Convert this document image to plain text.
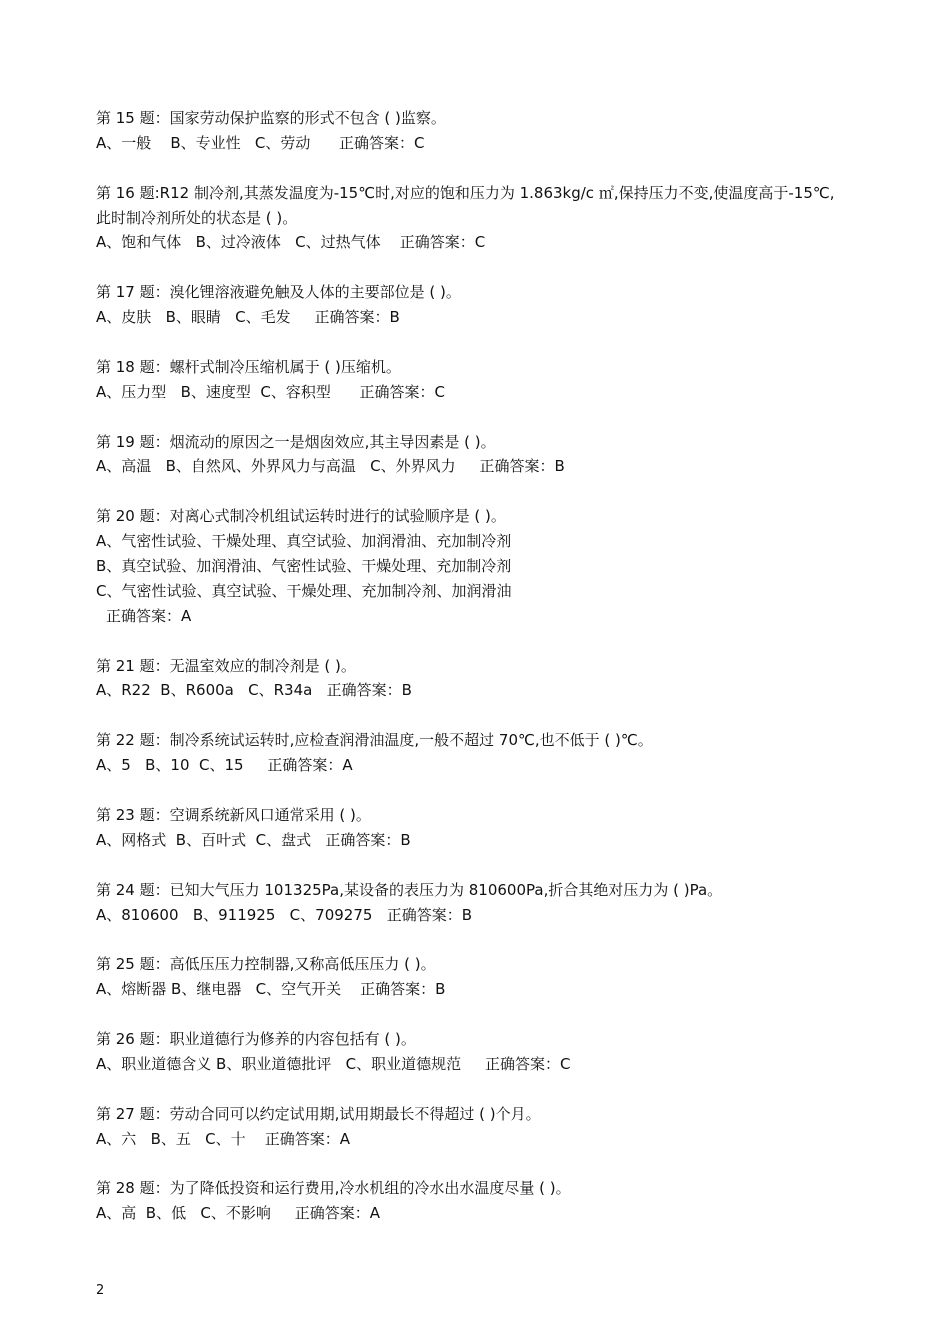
第 15 题：国家劳动保护监察的形式不包含 ( )监察。
A、一般    B、专业性   C、劳动      正确答案：C
第 16 题:R12 制冷剂,其蒸发温度为-15℃时,对应的饱和压力为 1.863kg/c ㎡,保持压力不变,使温度高于-15℃,
此时制冷剂所处的状态是 ( )。
A、饱和气体   B、过冷液体   C、过热气体    正确答案：C
第 17 题：溴化锂溶液避免触及人体的主要部位是 ( )。
A、皮肤   B、眼睛   C、毛发     正确答案：B
第 18 题：螺杆式制冷压缩机属于 ( )压缩机。
A、压力型   B、速度型  C、容积型      正确答案：C
第 19 题：烟流动的原因之一是烟囱效应,其主导因素是 ( )。
A、高温   B、自然风、外界风力与高温   C、外界风力     正确答案：B
第 20 题：对离心式制冷机组试运转时进行的试验顺序是 ( )。
A、气密性试验、干燥处理、真空试验、加润滑油、充加制冷剂
B、真空试验、加润滑油、气密性试验、干燥处理、充加制冷剂
C、气密性试验、真空试验、干燥处理、充加制冷剂、加润滑油
正确答案：A
第 21 题：无温室效应的制冷剂是 ( )。
A、R22  B、R600a   C、R34a   正确答案：B
第 22 题：制冷系统试运转时,应检查润滑油温度,一般不超过 70℃,也不低于 ( )℃。
A、5   B、10  C、15     正确答案：A
第 23 题：空调系统新风口通常采用 ( )。
A、网格式  B、百叶式  C、盘式   正确答案：B
第 24 题：已知大气压力 101325Pa,某设备的表压力为 810600Pa,折合其绝对压力为 ( )Pa。
A、810600   B、911925   C、709275   正确答案：B
第 25 题：高低压压力控制器,又称高低压压力 ( )。
A、熔断器 B、继电器   C、空气开关    正确答案：B
第 26 题：职业道德行为修养的内容包括有 ( )。
A、职业道德含义 B、职业道德批评   C、职业道德规范     正确答案：C
第 27 题：劳动合同可以约定试用期,试用期最长不得超过 ( )个月。
A、六   B、五   C、十    正确答案：A
第 28 题：为了降低投资和运行费用,冷水机组的冷水出水温度尽量 ( )。
A、高  B、低   C、不影响     正确答案：A
2
